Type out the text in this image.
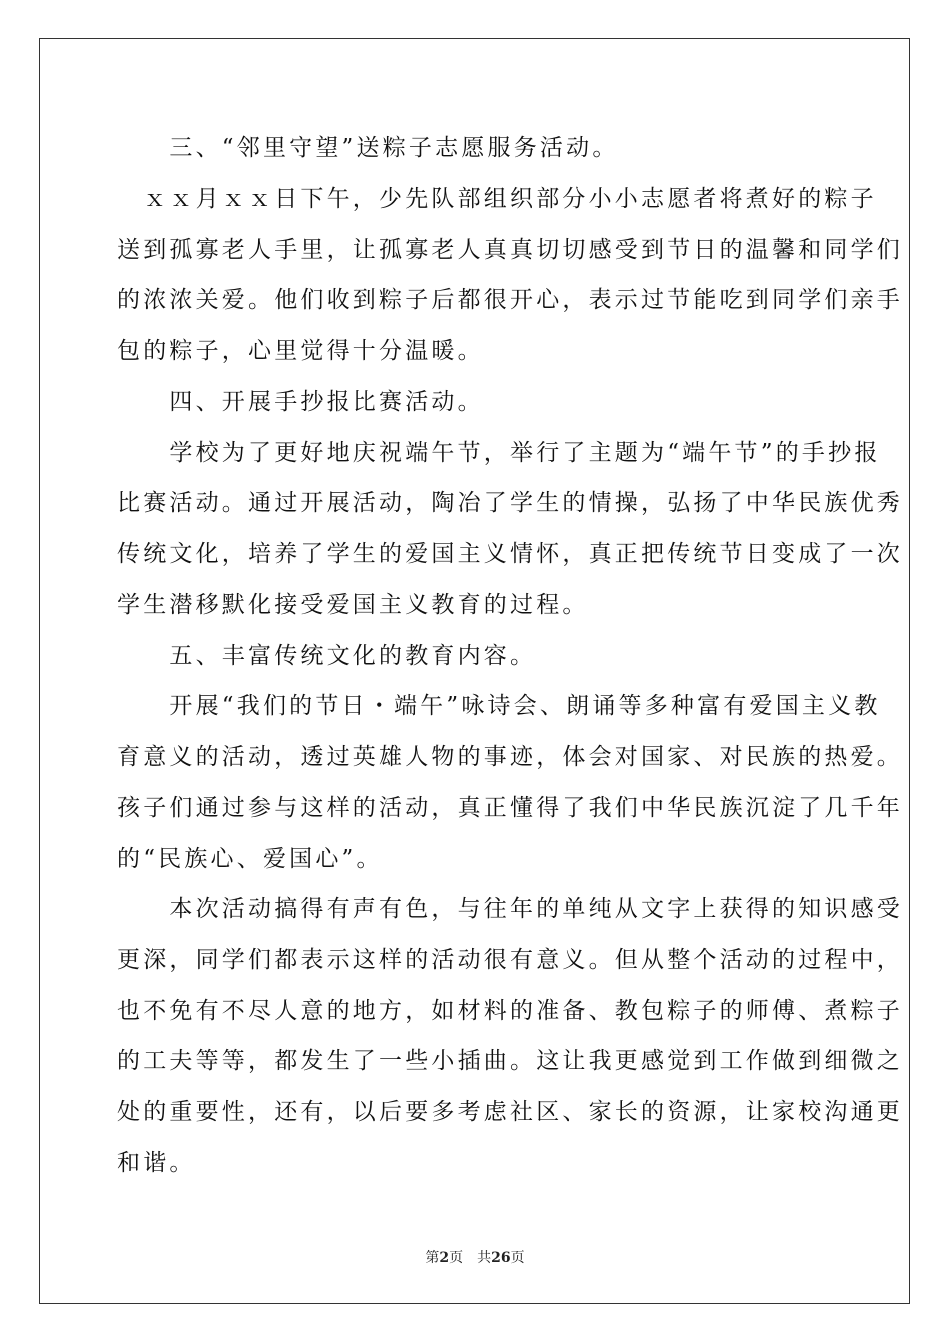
　　三、“邻里守望”送粽子志愿服务活动。
　ｘｘ月ｘｘ日下午，少先队部组织部分小小志愿者将煮好的粽子
送到孤寡老人手里，让孤寡老人真真切切感受到节日的温馨和同学们
的浓浓关爱。他们收到粽子后都很开心，表示过节能吃到同学们亲手
包的粽子，心里觉得十分温暖。
　　四、开展手抄报比赛活动。
　　学校为了更好地庆祝端午节，举行了主题为“端午节”的手抄报
比赛活动。通过开展活动，陶冶了学生的情操，弘扬了中华民族优秀
传统文化，培养了学生的爱国主义情怀，真正把传统节日变成了一次
学生潜移默化接受爱国主义教育的过程。
　　五、丰富传统文化的教育内容。
　　开展“我们的节日・端午”咏诗会、朗诵等多种富有爱国主义教
育意义的活动，透过英雄人物的事迹，体会对国家、对民族的热爱。
孩子们通过参与这样的活动，真正懂得了我们中华民族沉淀了几千年
的“民族心、爱国心”。
　　本次活动搞得有声有色，与往年的单纯从文字上获得的知识感受
更深，同学们都表示这样的活动很有意义。但从整个活动的过程中，
也不免有不尽人意的地方，如材料的准备、教包粽子的师傅、煮粽子
的工夫等等，都发生了一些小插曲。这让我更感觉到工作做到细微之
处的重要性，还有，以后要多考虑社区、家长的资源，让家校沟通更
和谐。
第2页 共26页
